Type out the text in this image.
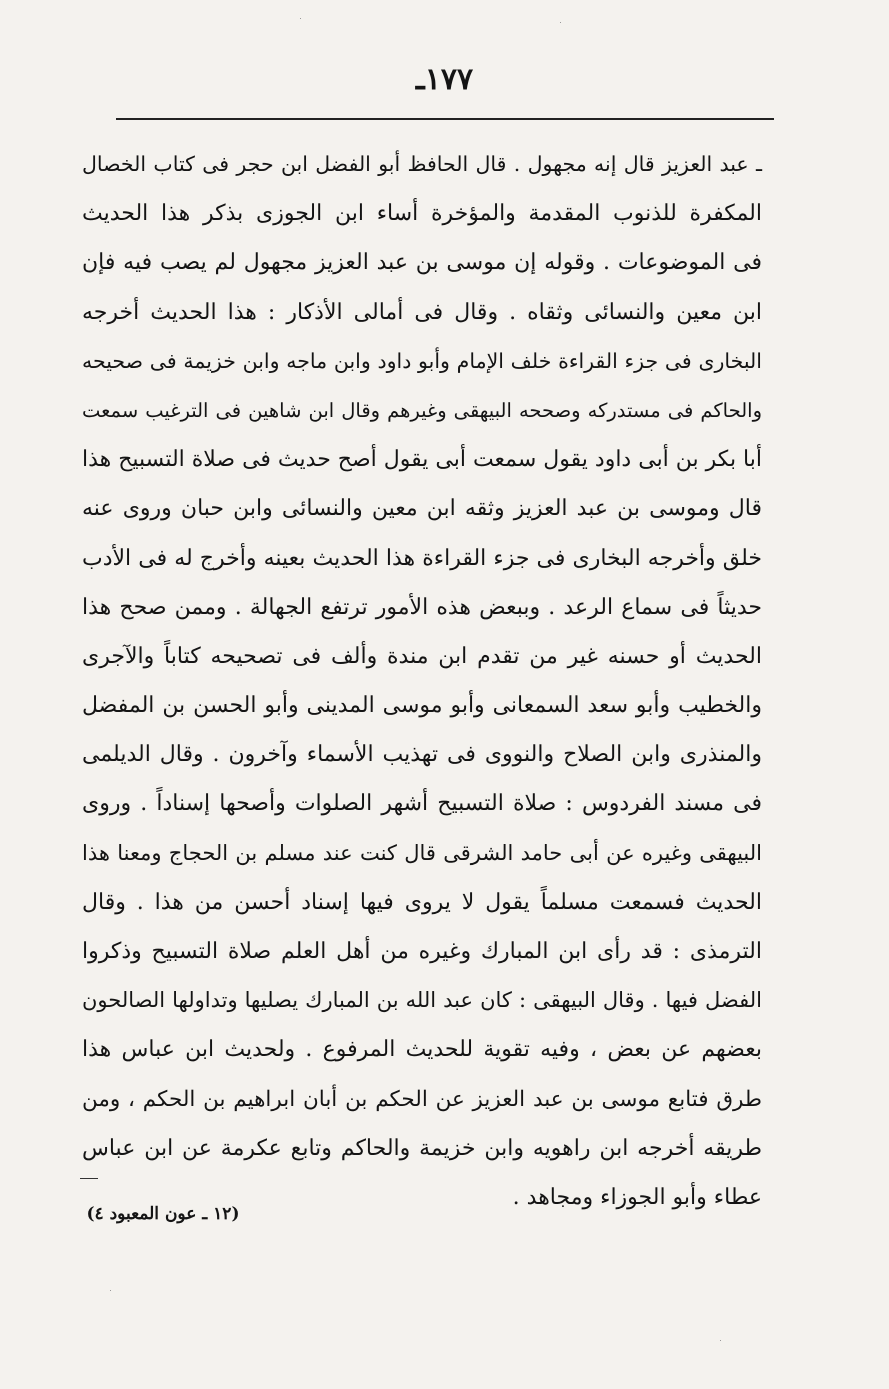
١٧٧ـ
ـ عبد العزيز قال إنه مجهول . قال الحافظ أبو الفضل ابن حجر فى كتاب الخصال
المكفرة للذنوب المقدمة والمؤخرة أساء ابن الجوزى بذكر هذا الحديث
فى الموضوعات . وقوله إن موسى بن عبد العزيز مجهول لم يصب فيه فإن
ابن معين والنسائى وثقاه . وقال فى أمالى الأذكار : هذا الحديث أخرجه
البخارى فى جزء القراءة خلف الإمام وأبو داود وابن ماجه وابن خزيمة فى صحيحه
والحاكم فى مستدركه وصححه البيهقى وغيرهم وقال ابن شاهين فى الترغيب سمعت
أبا بكر بن أبى داود يقول سمعت أبى يقول أصح حديث فى صلاة التسبيح هذا
قال وموسى بن عبد العزيز وثقه ابن معين والنسائى وابن حبان وروى عنه
خلق وأخرجه البخارى فى جزء القراءة هذا الحديث بعينه وأخرج له فى الأدب
حديثاً فى سماع الرعد . وببعض هذه الأمور ترتفع الجهالة . وممن صحح هذا
الحديث أو حسنه غير من تقدم ابن مندة وألف فى تصحيحه كتاباً والآجرى
والخطيب وأبو سعد السمعانى وأبو موسى المدينى وأبو الحسن بن المفضل
والمنذرى وابن الصلاح والنووى فى تهذيب الأسماء وآخرون . وقال الديلمى
فى مسند الفردوس : صلاة التسبيح أشهر الصلوات وأصحها إسناداً . وروى
البيهقى وغيره عن أبى حامد الشرقى قال كنت عند مسلم بن الحجاج ومعنا هذا
الحديث فسمعت مسلماً يقول لا يروى فيها إسناد أحسن من هذا . وقال
الترمذى : قد رأى ابن المبارك وغيره من أهل العلم صلاة التسبيح وذكروا
الفضل فيها . وقال البيهقى : كان عبد الله بن المبارك يصليها وتداولها الصالحون
بعضهم عن بعض ، وفيه تقوية للحديث المرفوع . ولحديث ابن عباس هذا
طرق فتابع موسى بن عبد العزيز عن الحكم بن أبان ابراهيم بن الحكم ، ومن
طريقه أخرجه ابن راهويه وابن خزيمة والحاكم وتابع عكرمة عن ابن عباس
عطاء وأبو الجوزاء ومجاهد .
(١٢ ـ عون المعبود ٤)
